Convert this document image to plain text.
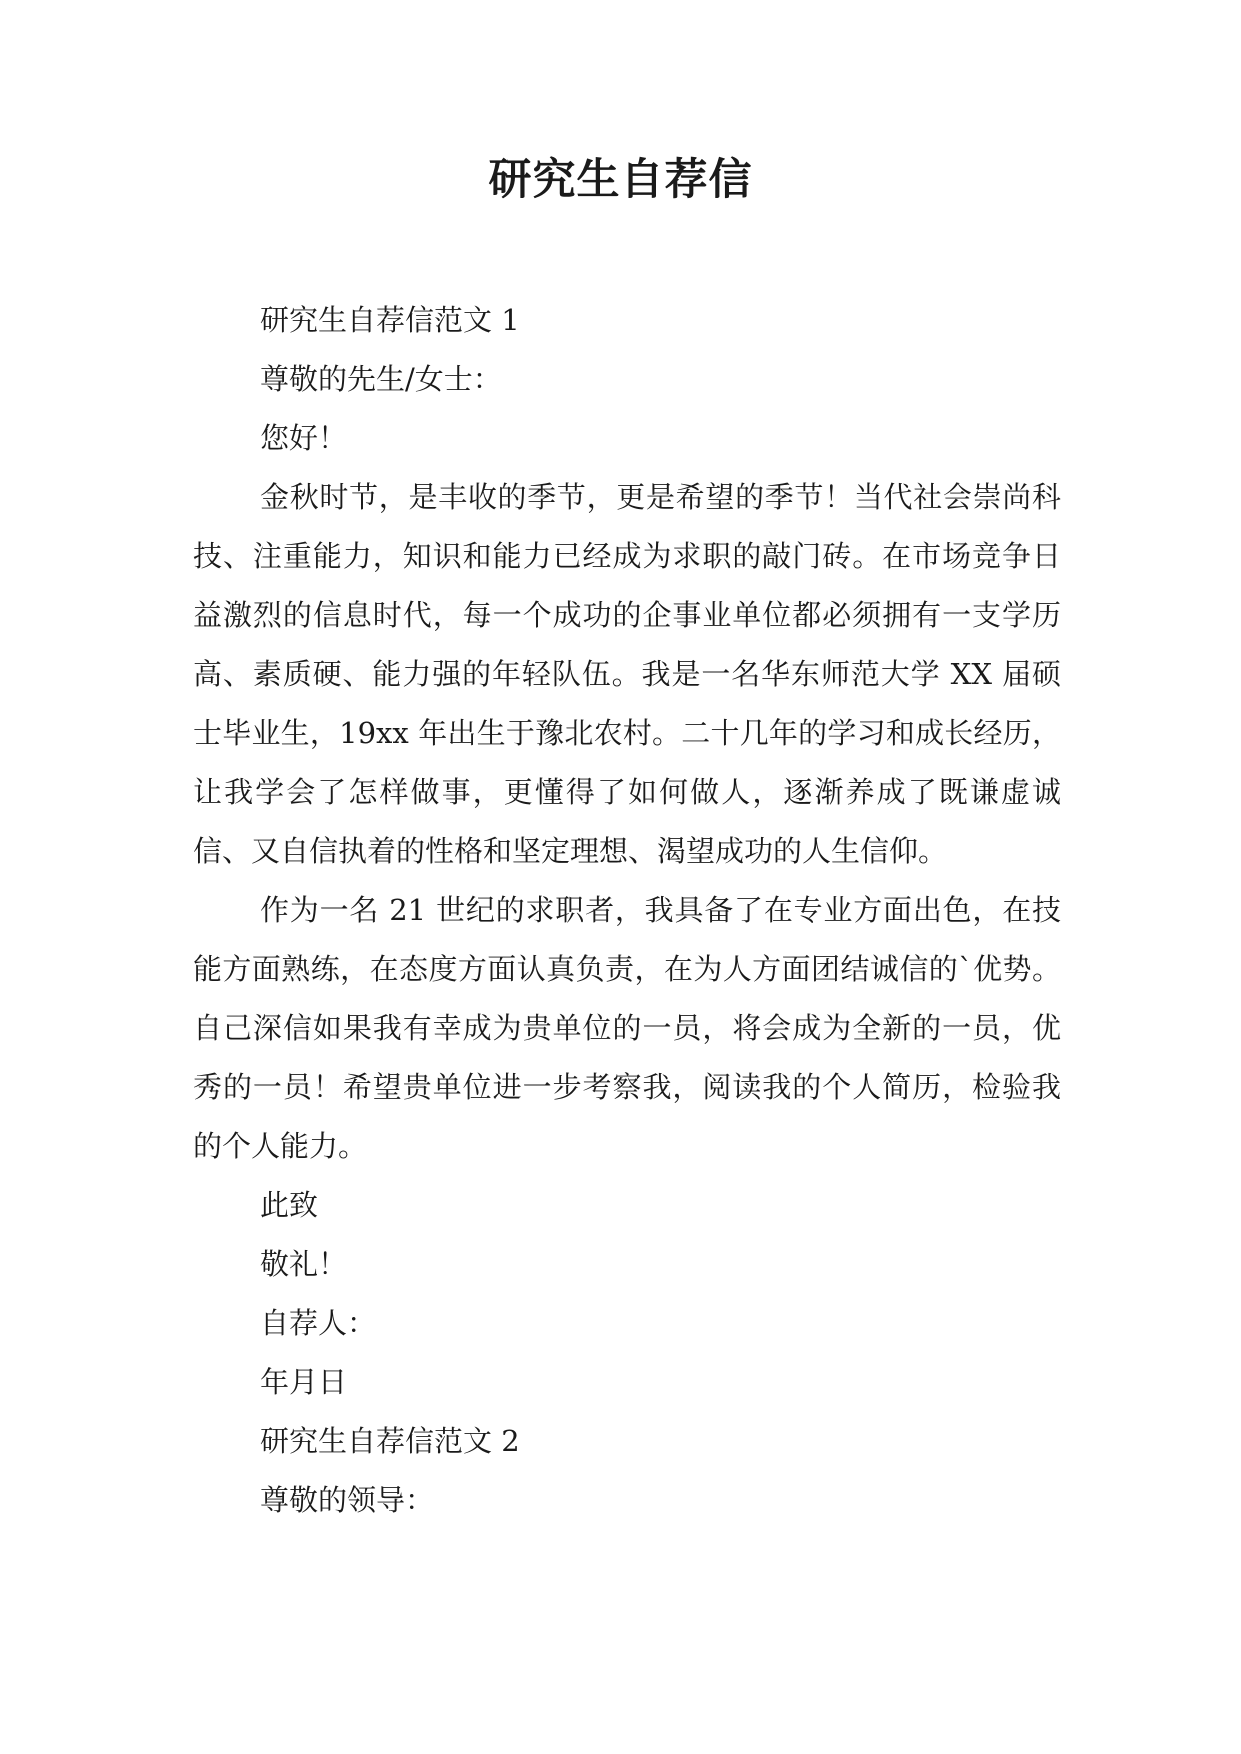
研究生自荐信
研究生自荐信范文 1
尊敬的先生/女士：
您好！

金秋时节，是丰收的季节，更是希望的季节！当代社会崇尚科技、注重能力，知识和能力已经成为求职的敲门砖。在市场竞争日益激烈的信息时代，每一个成功的企事业单位都必须拥有一支学历高、素质硬、能力强的年轻队伍。我是一名华东师范大学 XX 届硕士毕业生，19xx 年出生于豫北农村。二十几年的学习和成长经历，让我学会了怎样做事，更懂得了如何做人，逐渐养成了既谦虚诚信、又自信执着的性格和坚定理想、渴望成功的人生信仰。

作为一名 21 世纪的求职者，我具备了在专业方面出色，在技能方面熟练，在态度方面认真负责，在为人方面团结诚信的`优势。自己深信如果我有幸成为贵单位的一员，将会成为全新的一员，优秀的一员！希望贵单位进一步考察我，阅读我的个人简历，检验我的个人能力。

此致
敬礼！
自荐人：
年月日
研究生自荐信范文 2
尊敬的领导：
